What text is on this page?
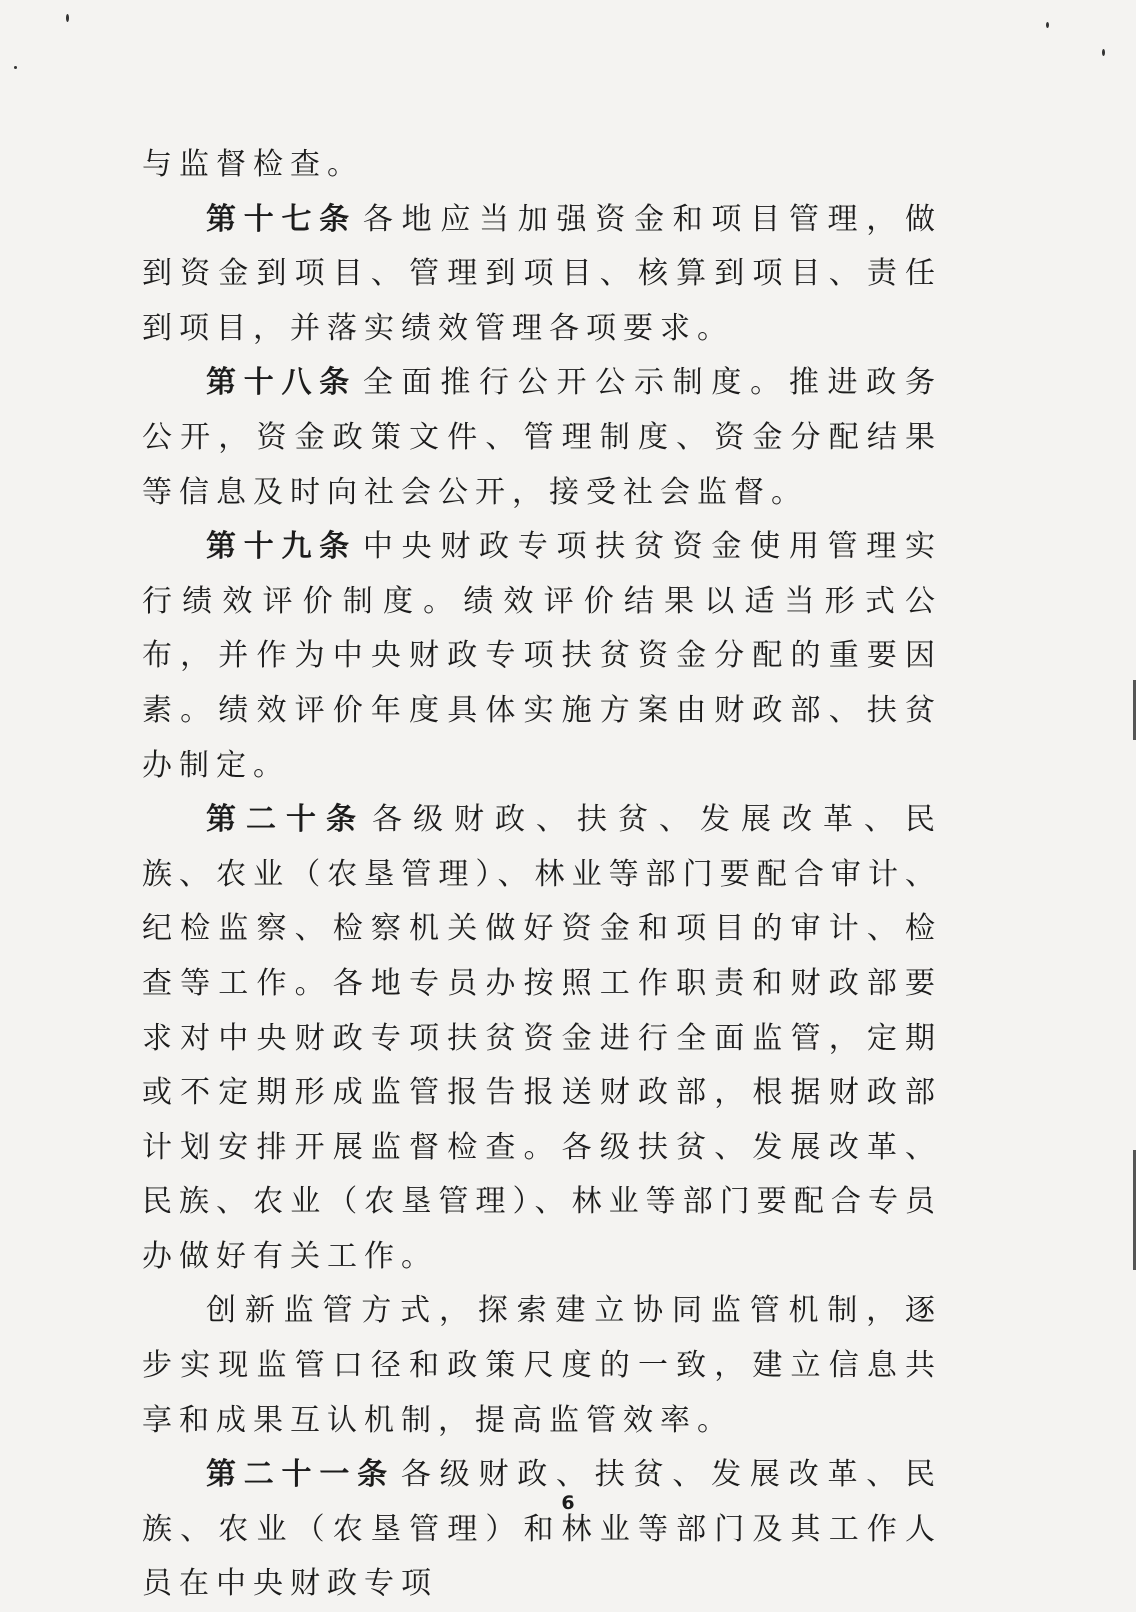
与监督检查。

第十七条 各地应当加强资金和项目管理，做到资金到项目、管理到项目、核算到项目、责任到项目，并落实绩效管理各项要求。

第十八条 全面推行公开公示制度。推进政务公开，资金政策文件、管理制度、资金分配结果等信息及时向社会公开，接受社会监督。

第十九条 中央财政专项扶贫资金使用管理实行绩效评价制度。绩效评价结果以适当形式公布，并作为中央财政专项扶贫资金分配的重要因素。绩效评价年度具体实施方案由财政部、扶贫办制定。

第二十条 各级财政、扶贫、发展改革、民族、农业（农垦管理）、林业等部门要配合审计、纪检监察、检察机关做好资金和项目的审计、检查等工作。各地专员办按照工作职责和财政部要求对中央财政专项扶贫资金进行全面监管，定期或不定期形成监管报告报送财政部，根据财政部计划安排开展监督检查。各级扶贫、发展改革、民族、农业（农垦管理）、林业等部门要配合专员办做好有关工作。

创新监管方式，探索建立协同监管机制，逐步实现监管口径和政策尺度的一致，建立信息共享和成果互认机制，提高监管效率。

第二十一条 各级财政、扶贫、发展改革、民族、农业（农垦管理）和林业等部门及其工作人员在中央财政专项

6
